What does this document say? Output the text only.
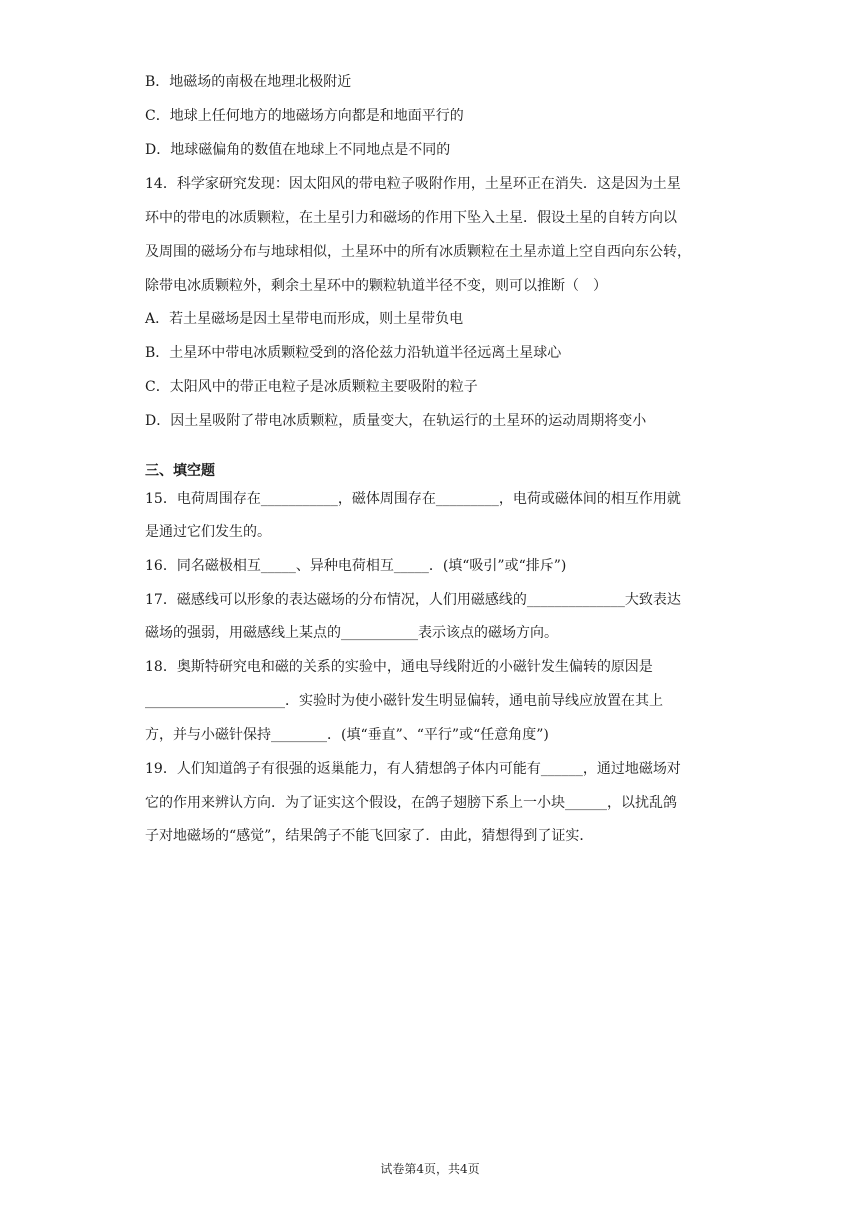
B．地磁场的南极在地理北极附近
C．地球上任何地方的地磁场方向都是和地面平行的
D．地球磁偏角的数值在地球上不同地点是不同的
14．科学家研究发现：因太阳风的带电粒子吸附作用，土星环正在消失．这是因为土星
环中的带电的冰质颗粒，在土星引力和磁场的作用下坠入土星．假设土星的自转方向以
及周围的磁场分布与地球相似，土星环中的所有冰质颗粒在土星赤道上空自西向东公转，
除带电冰质颗粒外，剩余土星环中的颗粒轨道半径不变，则可以推断（　）
A．若土星磁场是因土星带电而形成，则土星带负电
B．土星环中带电冰质颗粒受到的洛伦兹力沿轨道半径远离土星球心
C．太阳风中的带正电粒子是冰质颗粒主要吸附的粒子
D．因土星吸附了带电冰质颗粒，质量变大，在轨运行的土星环的运动周期将变小
三、填空题
15．电荷周围存在___________，磁体周围存在_________，电荷或磁体间的相互作用就
是通过它们发生的。
16．同名磁极相互_____、异种电荷相互_____．(填“吸引”或“排斥”)
17．磁感线可以形象的表达磁场的分布情况，人们用磁感线的______________大致表达
磁场的强弱，用磁感线上某点的___________表示该点的磁场方向。
18．奥斯特研究电和磁的关系的实验中，通电导线附近的小磁针发生偏转的原因是
____________________．实验时为使小磁针发生明显偏转，通电前导线应放置在其上
方，并与小磁针保持________．(填“垂直”、“平行”或“任意角度”)
19．人们知道鸽子有很强的返巢能力，有人猜想鸽子体内可能有______，通过地磁场对
它的作用来辨认方向．为了证实这个假设，在鸽子翅膀下系上一小块______，以扰乱鸽
子对地磁场的“感觉”，结果鸽子不能飞回家了．由此，猜想得到了证实．
试卷第4页，共4页
